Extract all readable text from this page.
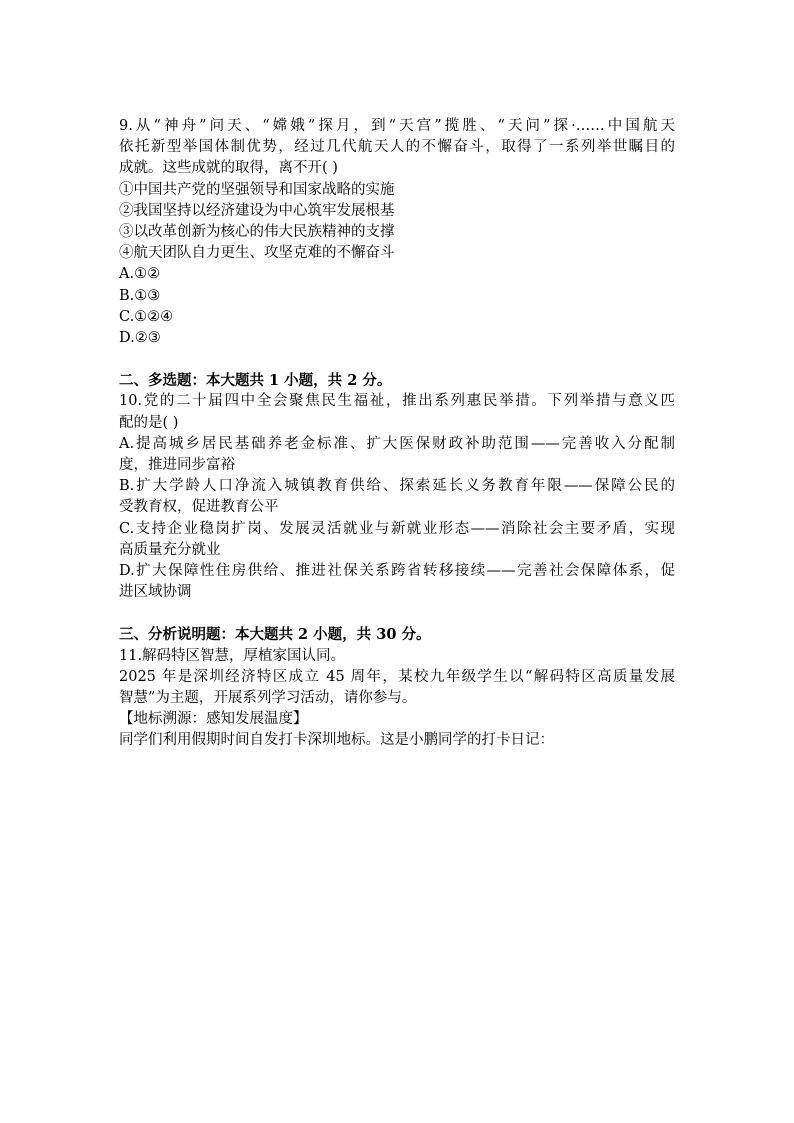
9.从“神舟”问天、“嫦娥”探月，到“天宫”揽胜、“天问”探·……中国航天
依托新型举国体制优势，经过几代航天人的不懈奋斗，取得了一系列举世瞩目的
成就。这些成就的取得，离不开( )
①中国共产党的坚强领导和国家战略的实施
②我国坚持以经济建设为中心筑牢发展根基
③以改革创新为核心的伟大民族精神的支撑
④航天团队自力更生、攻坚克难的不懈奋斗
A.①②
B.①③
C.①②④
D.②③
二、多选题：本大题共 1 小题，共 2 分。
10.党的二十届四中全会聚焦民生福祉，推出系列惠民举措。下列举措与意义匹
配的是( )
A.提高城乡居民基础养老金标准、扩大医保财政补助范围——完善收入分配制
度，推进同步富裕
B.扩大学龄人口净流入城镇教育供给、探索延长义务教育年限——保障公民的
受教育权，促进教育公平
C.支持企业稳岗扩岗、发展灵活就业与新就业形态——消除社会主要矛盾，实现
高质量充分就业
D.扩大保障性住房供给、推进社保关系跨省转移接续——完善社会保障体系，促
进区域协调
三、分析说明题：本大题共 2 小题，共 30 分。
11.解码特区智慧，厚植家国认同。
2025 年是深圳经济特区成立 45 周年，某校九年级学生以“解码特区高质量发展
智慧”为主题，开展系列学习活动，请你参与。
【地标溯源：感知发展温度】
同学们利用假期时间自发打卡深圳地标。这是小鹏同学的打卡日记：
